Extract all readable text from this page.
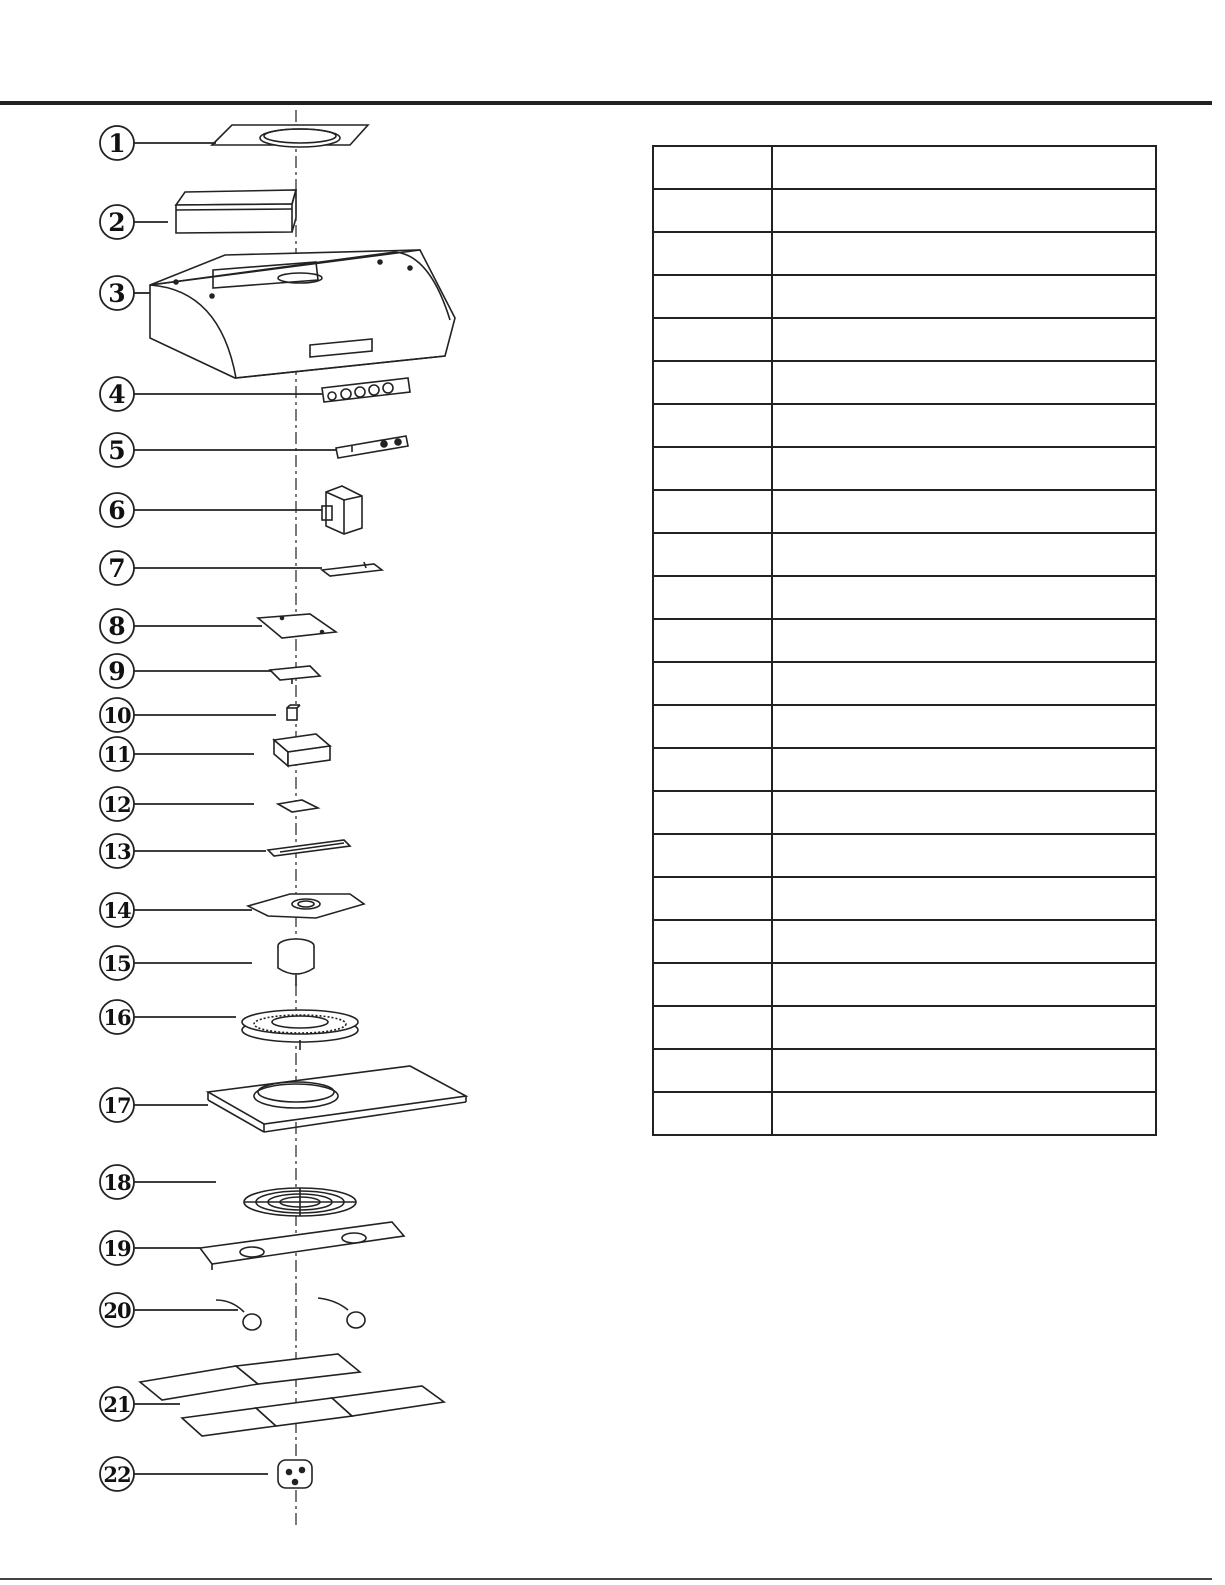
1
2
3
4
5
6
7
8
9
10
11
12
13
14
15
16
17
18
19
20
21
22
